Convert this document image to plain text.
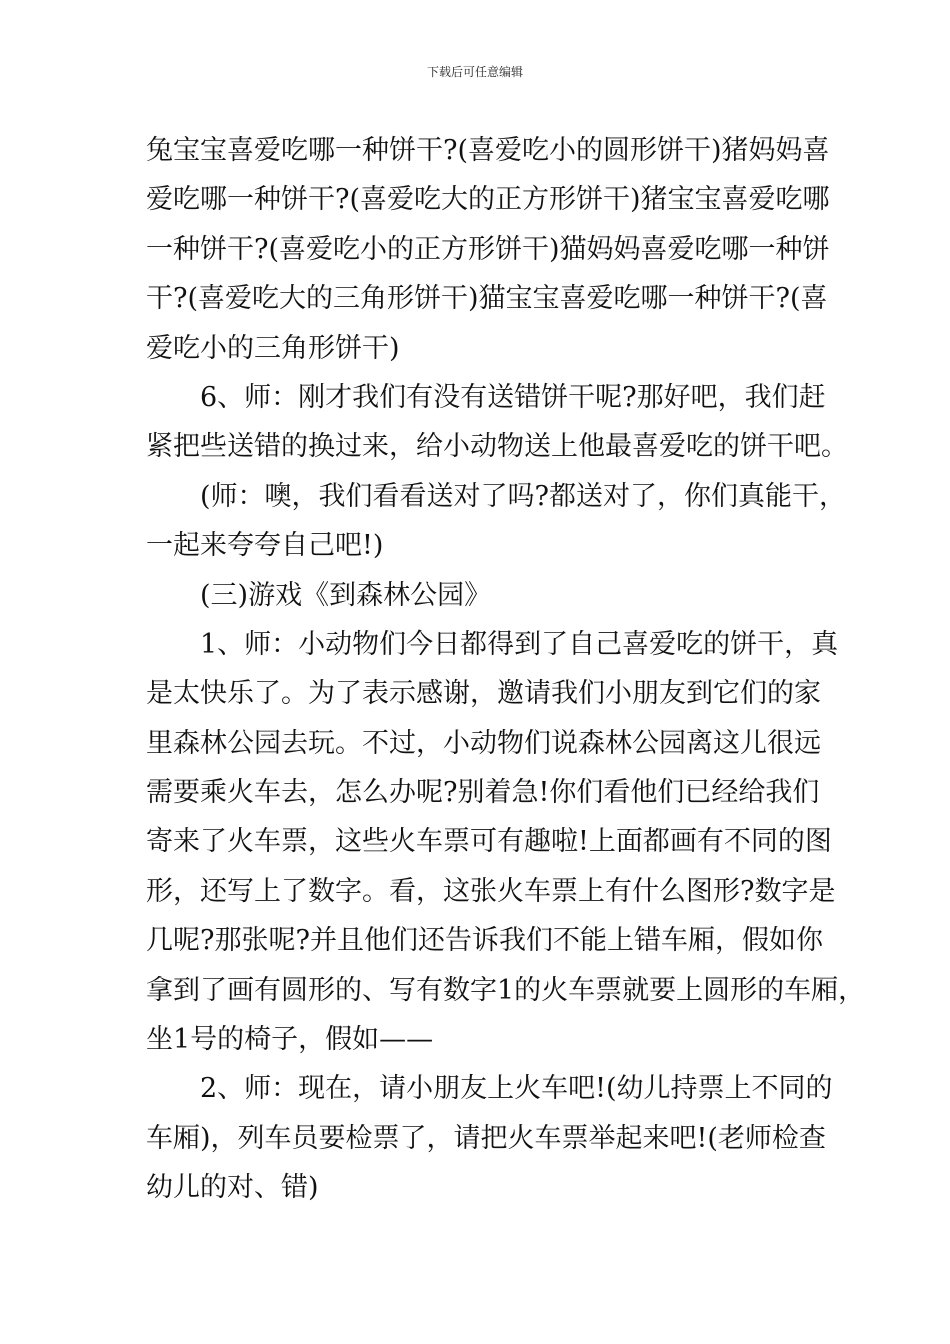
下载后可任意编辑
兔宝宝喜爱吃哪一种饼干?(喜爱吃小的圆形饼干)猪妈妈喜
爱吃哪一种饼干?(喜爱吃大的正方形饼干)猪宝宝喜爱吃哪
一种饼干?(喜爱吃小的正方形饼干)猫妈妈喜爱吃哪一种饼
干?(喜爱吃大的三角形饼干)猫宝宝喜爱吃哪一种饼干?(喜
爱吃小的三角形饼干)
6、师：刚才我们有没有送错饼干呢?那好吧，我们赶
紧把些送错的换过来，给小动物送上他最喜爱吃的饼干吧。
(师：噢，我们看看送对了吗?都送对了，你们真能干，
一起来夸夸自己吧!)
(三)游戏《到森林公园》
1、师：小动物们今日都得到了自己喜爱吃的饼干，真
是太快乐了。为了表示感谢，邀请我们小朋友到它们的家
里森林公园去玩。不过，小动物们说森林公园离这儿很远
需要乘火车去，怎么办呢?别着急!你们看他们已经给我们
寄来了火车票，这些火车票可有趣啦!上面都画有不同的图
形，还写上了数字。看，这张火车票上有什么图形?数字是
几呢?那张呢?并且他们还告诉我们不能上错车厢，假如你
拿到了画有圆形的、写有数字1的火车票就要上圆形的车厢，
坐1号的椅子，假如——
2、师：现在，请小朋友上火车吧!(幼儿持票上不同的
车厢)，列车员要检票了，请把火车票举起来吧!(老师检查
幼儿的对、错)
